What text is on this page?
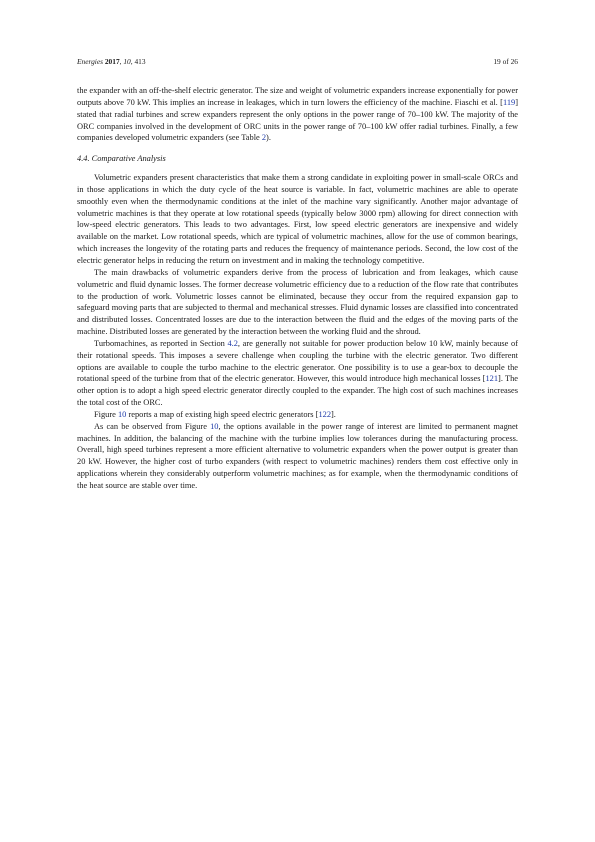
Energies 2017, 10, 413	19 of 26

the expander with an off-the-shelf electric generator. The size and weight of volumetric expanders increase exponentially for power outputs above 70 kW. This implies an increase in leakages, which in turn lowers the efficiency of the machine. Fiaschi et al. [119] stated that radial turbines and screw expanders represent the only options in the power range of 70–100 kW. The majority of the ORC companies involved in the development of ORC units in the power range of 70–100 kW offer radial turbines. Finally, a few companies developed volumetric expanders (see Table 2).

4.4. Comparative Analysis

Volumetric expanders present characteristics that make them a strong candidate in exploiting power in small-scale ORCs and in those applications in which the duty cycle of the heat source is variable. In fact, volumetric machines are able to operate smoothly even when the thermodynamic conditions at the inlet of the machine vary significantly. Another major advantage of volumetric machines is that they operate at low rotational speeds (typically below 3000 rpm) allowing for direct connection with low-speed electric generators. This leads to two advantages. First, low speed electric generators are inexpensive and widely available on the market. Low rotational speeds, which are typical of volumetric machines, allow for the use of common bearings, which increases the longevity of the rotating parts and reduces the frequency of maintenance periods. Second, the low cost of the electric generator helps in reducing the return on investment and in making the technology competitive.

The main drawbacks of volumetric expanders derive from the process of lubrication and from leakages, which cause volumetric and fluid dynamic losses. The former decrease volumetric efficiency due to a reduction of the flow rate that contributes to the production of work. Volumetric losses cannot be eliminated, because they occur from the required expansion gap to safeguard moving parts that are subjected to thermal and mechanical stresses. Fluid dynamic losses are classified into concentrated and distributed losses. Concentrated losses are due to the interaction between the fluid and the edges of the moving parts of the machine. Distributed losses are generated by the interaction between the working fluid and the shroud.

Turbomachines, as reported in Section 4.2, are generally not suitable for power production below 10 kW, mainly because of their rotational speeds. This imposes a severe challenge when coupling the turbine with the electric generator. Two different options are available to couple the turbo machine to the electric generator. One possibility is to use a gear-box to decouple the rotational speed of the turbine from that of the electric generator. However, this would introduce high mechanical losses [121]. The other option is to adopt a high speed electric generator directly coupled to the expander. The high cost of such machines increases the total cost of the ORC.

Figure 10 reports a map of existing high speed electric generators [122].

As can be observed from Figure 10, the options available in the power range of interest are limited to permanent magnet machines. In addition, the balancing of the machine with the turbine implies low tolerances during the manufacturing process. Overall, high speed turbines represent a more efficient alternative to volumetric expanders when the power output is greater than 20 kW. However, the higher cost of turbo expanders (with respect to volumetric machines) renders them cost effective only in applications wherein they considerably outperform volumetric machines; as for example, when the thermodynamic conditions of the heat source are stable over time.
